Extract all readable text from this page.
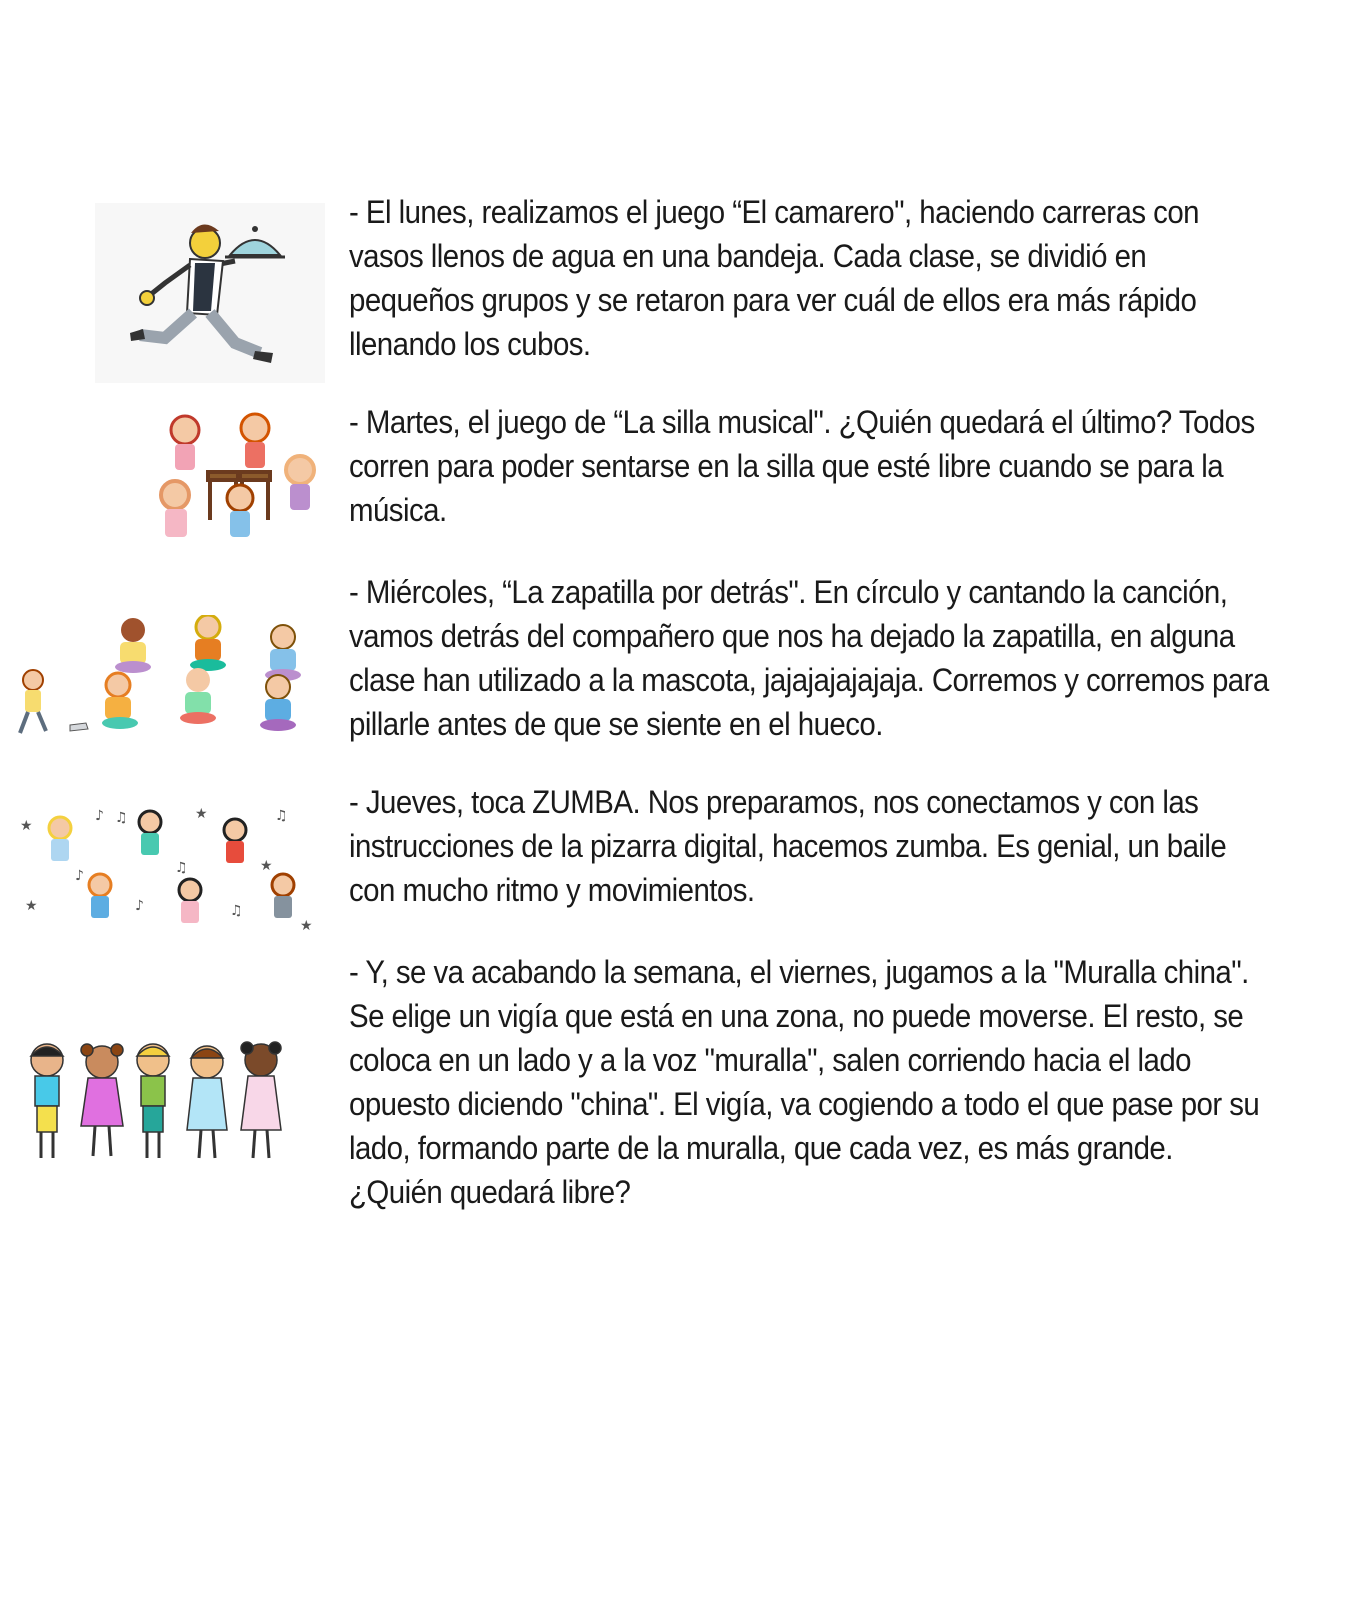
- El lunes, realizamos el juego “El camarero", haciendo carreras con vasos llenos de agua en una bandeja. Cada clase, se dividió en pequeños grupos y se retaron para ver cuál de ellos era más rápido llenando los cubos.

- Martes, el juego de “La silla musical". ¿Quién quedará el último? Todos corren para poder sentarse en la silla que esté libre cuando se para la música.

- Miércoles, “La zapatilla por detrás". En círculo y cantando la canción, vamos detrás del compañero que nos ha dejado la zapatilla, en alguna clase han utilizado a la mascota, jajajajajajaja. Corremos y corremos para pillarle antes de que se siente en el hueco.

♪ ♫	★	♫
★
♫
♪	♫
★
★
♪
★

- Jueves, toca ZUMBA. Nos preparamos, nos conectamos y con las instrucciones de la pizarra digital, hacemos zumba. Es genial, un baile con mucho ritmo y movimientos.

- Y, se va acabando la semana, el viernes, jugamos a la "Muralla china". Se elige un vigía que está en una zona, no puede moverse. El resto, se coloca en un lado y a la voz "muralla", salen corriendo hacia el lado opuesto diciendo "china". El vigía, va cogiendo a todo el que pase por su lado, formando parte de la muralla, que cada vez, es más grande. ¿Quién quedará libre?
